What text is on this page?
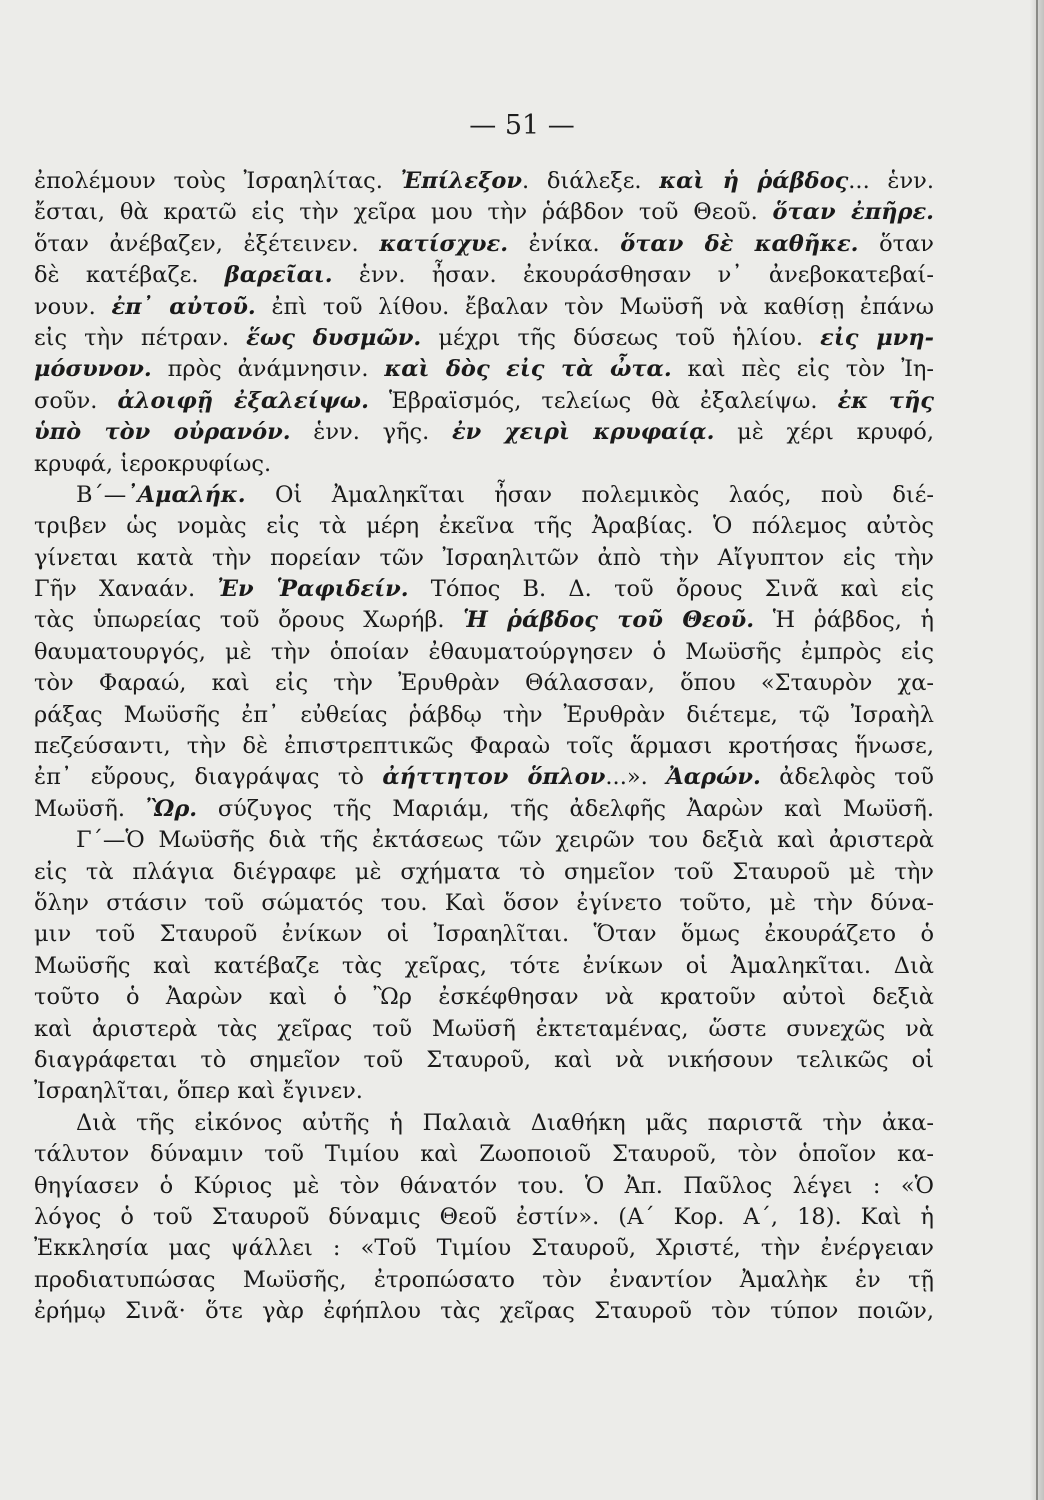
— 51 —
ἐπολέμουν τοὺς Ἰσραηλίτας. Ἐπίλεξον. διάλεξε. καὶ ἡ ῥάβδος... ἑνν.
ἔσται, θὰ κρατῶ εἰς τὴν χεῖρα μου τὴν ῥάβδον τοῦ Θεοῦ. ὅταν ἐπῆρε.
ὅταν ἀνέβαζεν, ἐξέτεινεν. κατίσχυε. ἐνίκα. ὅταν δὲ καθῆκε. ὅταν
δὲ κατέβαζε. βαρεῖαι. ἑνν. ἦσαν. ἐκουράσθησαν ν᾿ ἀνεβοκατεβαί-
νουν. ἐπ᾿ αὐτοῦ. ἐπὶ τοῦ λίθου. ἔβαλαν τὸν Μωϋσῆ νὰ καθίσῃ ἐπάνω
εἰς τὴν πέτραν. ἕως δυσμῶν. μέχρι τῆς δύσεως τοῦ ἡλίου. εἰς μνη-
μόσυνον. πρὸς ἀνάμνησιν. καὶ δὸς εἰς τὰ ὦτα. καὶ πὲς εἰς τὸν Ἰη-
σοῦν. ἀλοιφῇ ἐξαλείψω. Ἑβραϊσμός, τελείως θὰ ἐξαλείψω. ἐκ τῆς
ὑπὸ τὸν οὐρανόν. ἑνν. γῆς. ἐν χειρὶ κρυφαίᾳ. μὲ χέρι κρυφό,
κρυφά, ἱεροκρυφίως.
Β΄—᾿Αμαλήκ. Οἱ Ἀμαληκῖται ἦσαν πολεμικὸς λαός, ποὺ διέ-
τριβεν ὡς νομὰς εἰς τὰ μέρη ἐκεῖνα τῆς Ἀραβίας. Ὁ πόλεμος αὐτὸς
γίνεται κατὰ τὴν πορείαν τῶν Ἰσραηλιτῶν ἀπὸ τὴν Αἴγυπτον εἰς τὴν
Γῆν Χαναάν. Ἐν Ῥαφιδείν. Τόπος Β. Δ. τοῦ ὄρους Σινᾶ καὶ εἰς
τὰς ὑπωρείας τοῦ ὄρους Χωρήβ. Ἡ ῥάβδος τοῦ Θεοῦ. Ἡ ῥάβδος, ἡ
θαυματουργός, μὲ τὴν ὁποίαν ἐθαυματούργησεν ὁ Μωϋσῆς ἐμπρὸς εἰς
τὸν Φαραώ, καὶ εἰς τὴν Ἐρυθρὰν Θάλασσαν, ὅπου «Σταυρὸν χα-
ράξας Μωϋσῆς ἐπ᾿ εὐθείας ῥάβδῳ τὴν Ἐρυθρὰν διέτεμε, τῷ Ἰσραὴλ
πεζεύσαντι, τὴν δὲ ἐπιστρεπτικῶς Φαραὼ τοῖς ἅρμασι κροτήσας ἥνωσε,
ἐπ᾿ εὔρους, διαγράψας τὸ ἀήττητον ὅπλον...». Ἀαρών. ἀδελφὸς τοῦ
Μωϋσῆ. Ὢρ. σύζυγος τῆς Μαριάμ, τῆς ἀδελφῆς Ἀαρὼν καὶ Μωϋσῆ.
Γ΄—Ὁ Μωϋσῆς διὰ τῆς ἐκτάσεως τῶν χειρῶν του δεξιὰ καὶ ἀριστερὰ
εἰς τὰ πλάγια διέγραφε μὲ σχήματα τὸ σημεῖον τοῦ Σταυροῦ μὲ τὴν
ὅλην στάσιν τοῦ σώματός του. Καὶ ὅσον ἐγίνετο τοῦτο, μὲ τὴν δύνα-
μιν τοῦ Σταυροῦ ἐνίκων οἱ Ἰσραηλῖται. Ὅταν ὅμως ἐκουράζετο ὁ
Μωϋσῆς καὶ κατέβαζε τὰς χεῖρας, τότε ἐνίκων οἱ Ἀμαληκῖται. Διὰ
τοῦτο ὁ Ἀαρὼν καὶ ὁ Ὢρ ἐσκέφθησαν νὰ κρατοῦν αὐτοὶ δεξιὰ
καὶ ἀριστερὰ τὰς χεῖρας τοῦ Μωϋσῆ ἐκτεταμένας, ὥστε συνεχῶς νὰ
διαγράφεται τὸ σημεῖον τοῦ Σταυροῦ, καὶ νὰ νικήσουν τελικῶς οἱ
Ἰσραηλῖται, ὅπερ καὶ ἔγινεν.
Διὰ τῆς εἰκόνος αὐτῆς ἡ Παλαιὰ Διαθήκη μᾶς παριστᾶ τὴν ἀκα-
τάλυτον δύναμιν τοῦ Τιμίου καὶ Ζωοποιοῦ Σταυροῦ, τὸν ὁποῖον κα-
θηγίασεν ὁ Κύριος μὲ τὸν θάνατόν του. Ὁ Ἀπ. Παῦλος λέγει : «Ὁ
λόγος ὁ τοῦ Σταυροῦ δύναμις Θεοῦ ἐστίν». (Α΄ Κορ. Α΄, 18). Καὶ ἡ
Ἐκκλησία μας ψάλλει : «Τοῦ Τιμίου Σταυροῦ, Χριστέ, τὴν ἐνέργειαν
προδιατυπώσας Μωϋσῆς, ἐτροπώσατο τὸν ἐναντίον Ἀμαλὴκ ἐν τῇ
ἐρήμῳ Σινᾶ· ὅτε γὰρ ἐφήπλου τὰς χεῖρας Σταυροῦ τὸν τύπον ποιῶν,
